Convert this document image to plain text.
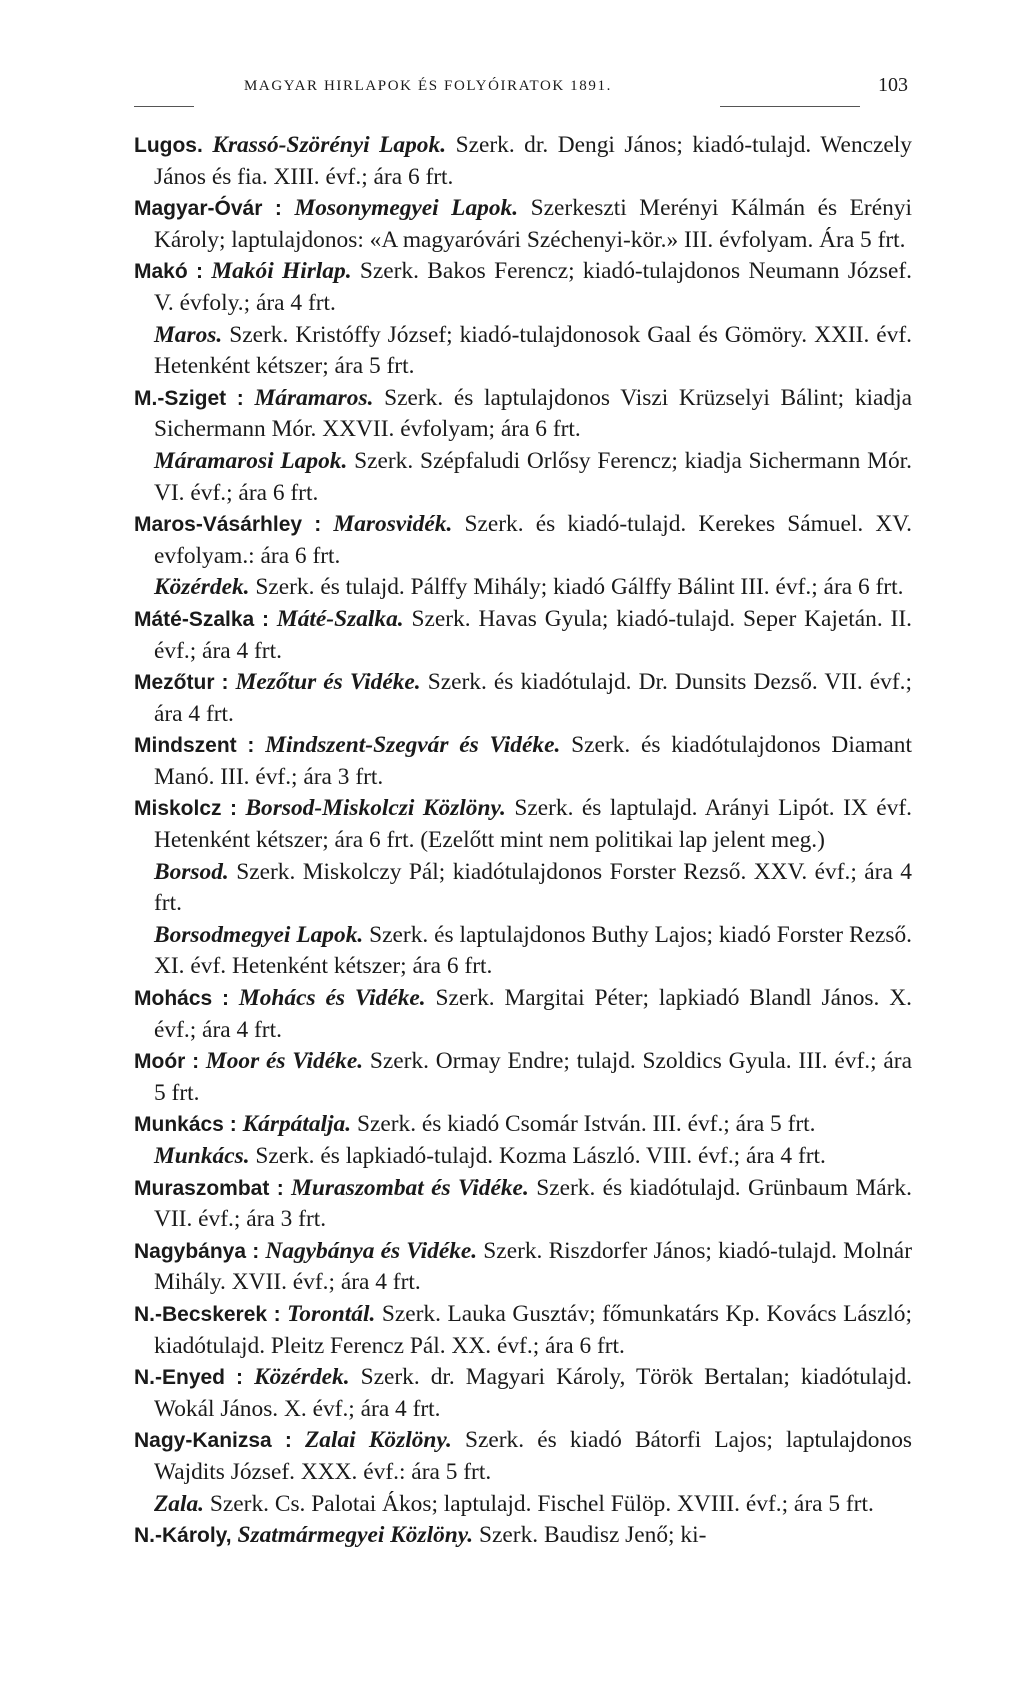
MAGYAR HIRLAPOK ÉS FOLYÓIRATOK 1891.	103

Lugos. Krassó-Szörényi Lapok. Szerk. dr. Dengi János; kiadó-tulajd. Wenczely János és fia. XIII. évf.; ára 6 frt.

Magyar-Óvár : Mosonymegyei Lapok. Szerkeszti Merényi Kálmán és Erényi Károly; laptulajdonos: «A magyaróvári Széchenyi-kör.» III. évfolyam. Ára 5 frt.

Makó : Makói Hirlap. Szerk. Bakos Ferencz; kiadó-tulajdonos Neumann József. V. évfoly.; ára 4 frt.

Maros. Szerk. Kristóffy József; kiadó-tulajdonosok Gaal és Gömöry. XXII. évf. Hetenként kétszer; ára 5 frt.

M.-Sziget : Máramaros. Szerk. és laptulajdonos Viszi Krüzselyi Bálint; kiadja Sichermann Mór. XXVII. évfolyam; ára 6 frt.

Máramarosi Lapok. Szerk. Szépfaludi Orlősy Ferencz; kiadja Sichermann Mór. VI. évf.; ára 6 frt.

Maros-Vásárhley : Marosvidék. Szerk. és kiadó-tulajd. Kerekes Sámuel. XV. evfolyam.: ára 6 frt.

Közérdek. Szerk. és tulajd. Pálffy Mihály; kiadó Gálffy Bálint III. évf.; ára 6 frt.

Máté-Szalka : Máté-Szalka. Szerk. Havas Gyula; kiadó-tulajd. Seper Kajetán. II. évf.; ára 4 frt.

Mezőtur : Mezőtur és Vidéke. Szerk. és kiadótulajd. Dr. Dunsits Dezső. VII. évf.; ára 4 frt.

Mindszent : Mindszent-Szegvár és Vidéke. Szerk. és kiadótulajdonos Diamant Manó. III. évf.; ára 3 frt.

Miskolcz : Borsod-Miskolczi Közlöny. Szerk. és laptulajd. Arányi Lipót. IX évf. Hetenként kétszer; ára 6 frt. (Ezelőtt mint nem politikai lap jelent meg.)

Borsod. Szerk. Miskolczy Pál; kiadótulajdonos Forster Rezső. XXV. évf.; ára 4 frt.

Borsodmegyei Lapok. Szerk. és laptulajdonos Buthy Lajos; kiadó Forster Rezső. XI. évf. Hetenként kétszer; ára 6 frt.

Mohács : Mohács és Vidéke. Szerk. Margitai Péter; lapkiadó Blandl János. X. évf.; ára 4 frt.

Moór : Moor és Vidéke. Szerk. Ormay Endre; tulajd. Szoldics Gyula. III. évf.; ára 5 frt.

Munkács : Kárpátalja. Szerk. és kiadó Csomár István. III. évf.; ára 5 frt.

Munkács. Szerk. és lapkiadó-tulajd. Kozma László. VIII. évf.; ára 4 frt.

Muraszombat : Muraszombat és Vidéke. Szerk. és kiadótulajd. Grünbaum Márk. VII. évf.; ára 3 frt.

Nagybánya : Nagybánya és Vidéke. Szerk. Riszdorfer János; kiadó-tulajd. Molnár Mihály. XVII. évf.; ára 4 frt.

N.-Becskerek : Torontál. Szerk. Lauka Gusztáv; főmunkatárs Kp. Kovács László; kiadótulajd. Pleitz Ferencz Pál. XX. évf.; ára 6 frt.

N.-Enyed : Közérdek. Szerk. dr. Magyari Károly, Török Bertalan; kiadótulajd. Wokál János. X. évf.; ára 4 frt.

Nagy-Kanizsa : Zalai Közlöny. Szerk. és kiadó Bátorfi Lajos; laptulajdonos Wajdits József. XXX. évf.: ára 5 frt.

Zala. Szerk. Cs. Palotai Ákos; laptulajd. Fischel Fülöp. XVIII. évf.; ára 5 frt.

N.-Károly, Szatmármegyei Közlöny. Szerk. Baudisz Jenő; ki-
